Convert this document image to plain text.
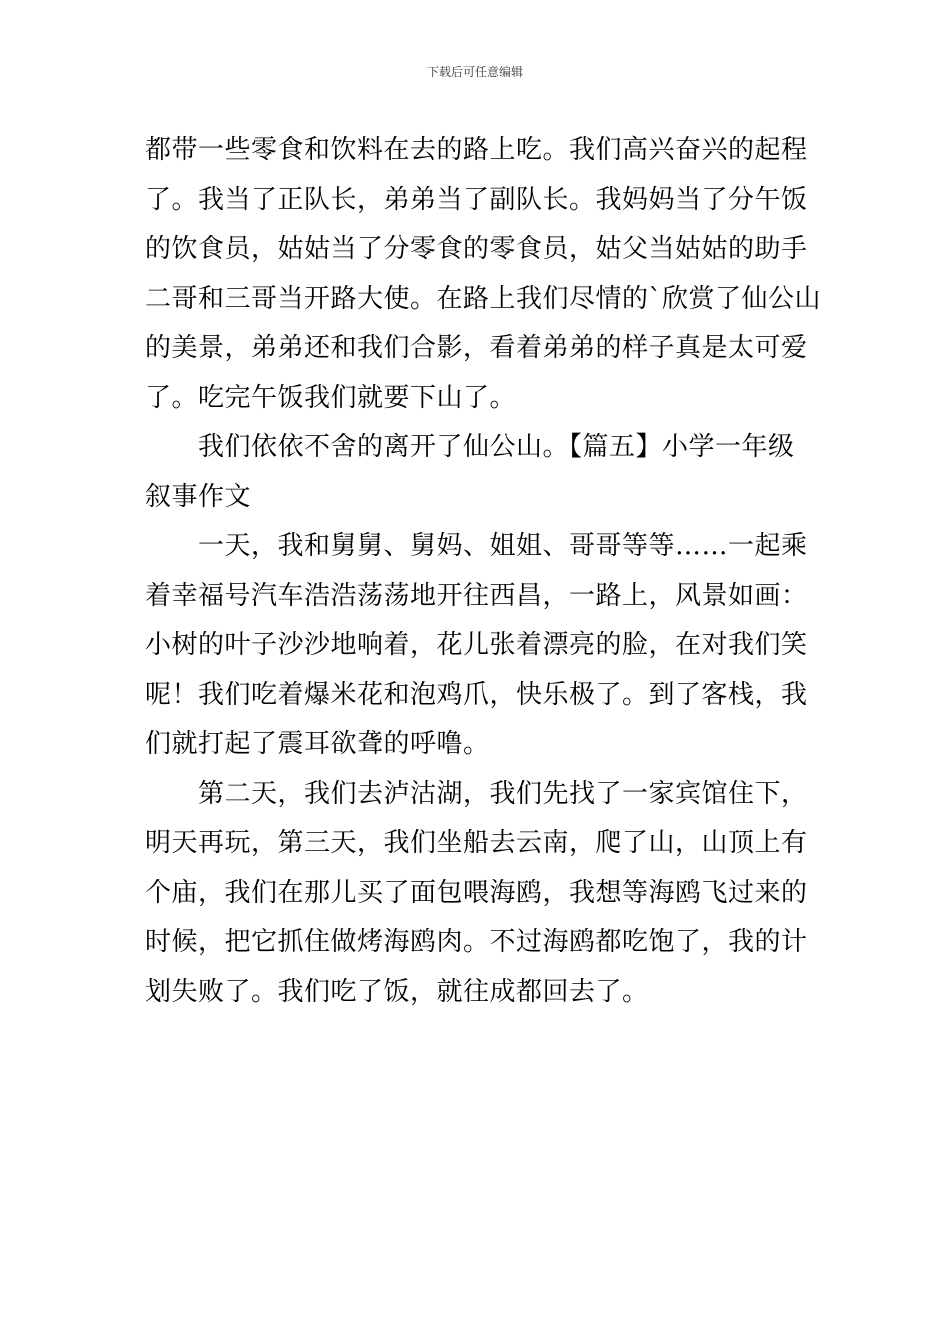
下载后可任意编辑
都带一些零食和饮料在去的路上吃。我们高兴奋兴的起程
了。我当了正队长，弟弟当了副队长。我妈妈当了分午饭
的饮食员，姑姑当了分零食的零食员，姑父当姑姑的助手
二哥和三哥当开路大使。在路上我们尽情的`欣赏了仙公山
的美景，弟弟还和我们合影，看着弟弟的样子真是太可爱
了。吃完午饭我们就要下山了。
我们依依不舍的离开了仙公山。【篇五】小学一年级
叙事作文
一天，我和舅舅、舅妈、姐姐、哥哥等等……一起乘
着幸福号汽车浩浩荡荡地开往西昌，一路上，风景如画：
小树的叶子沙沙地响着，花儿张着漂亮的脸，在对我们笑
呢！我们吃着爆米花和泡鸡爪，快乐极了。到了客栈，我
们就打起了震耳欲聋的呼噜。
第二天，我们去泸沽湖，我们先找了一家宾馆住下，
明天再玩，第三天，我们坐船去云南，爬了山，山顶上有
个庙，我们在那儿买了面包喂海鸥，我想等海鸥飞过来的
时候，把它抓住做烤海鸥肉。不过海鸥都吃饱了，我的计
划失败了。我们吃了饭，就往成都回去了。
